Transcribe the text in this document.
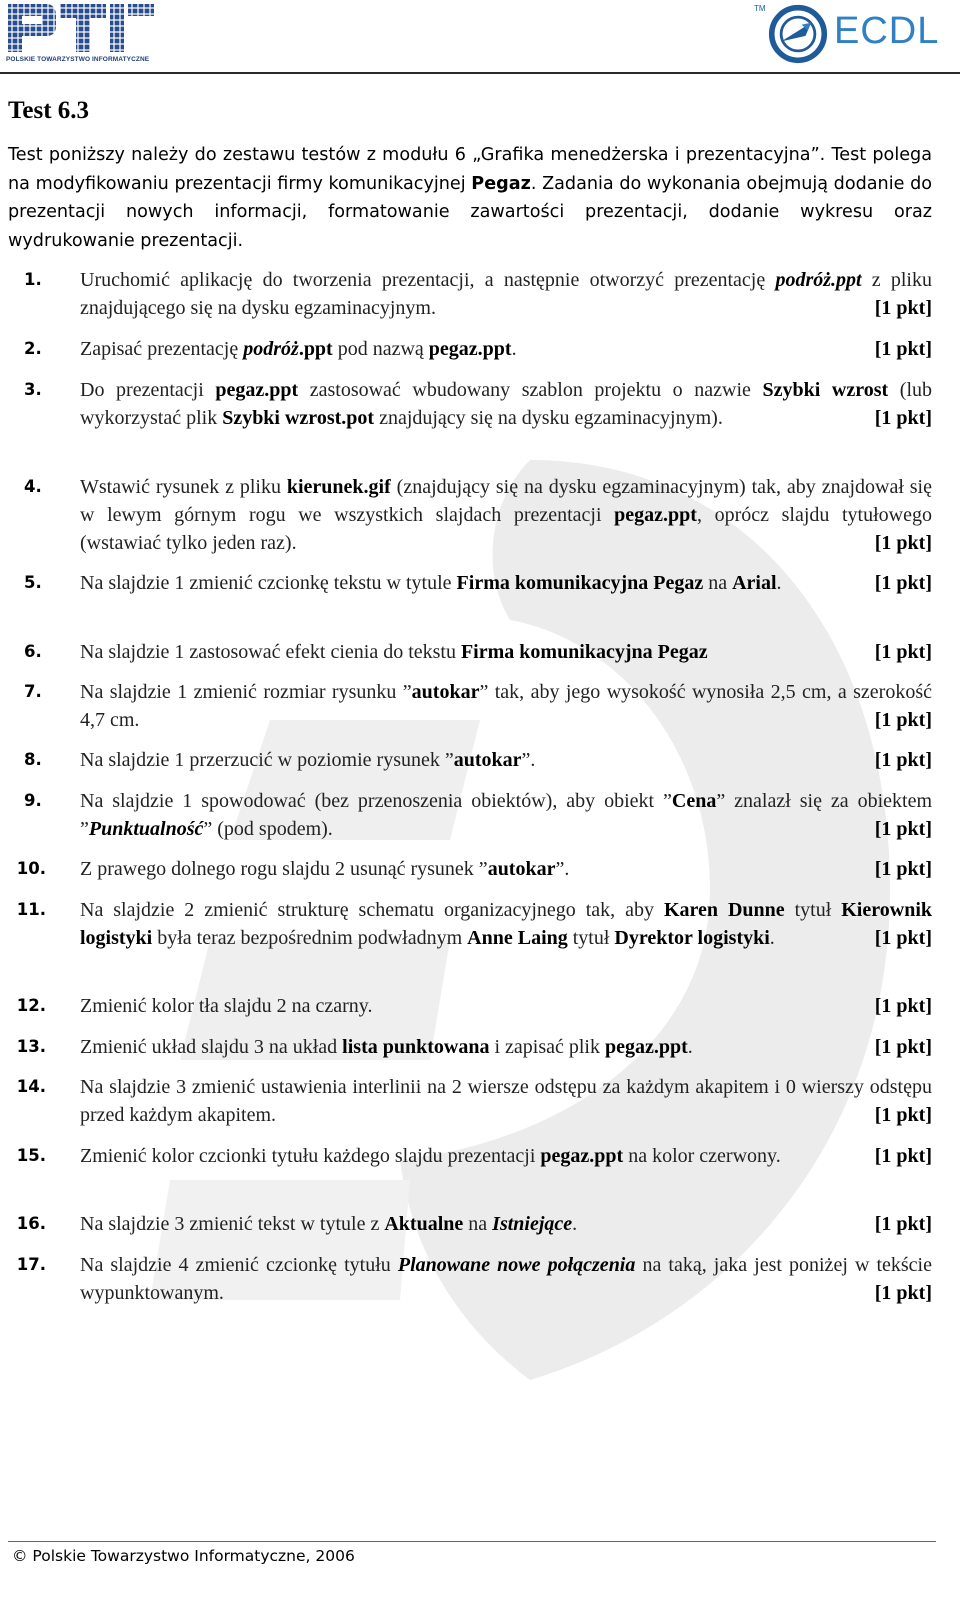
POLSKIE TOWARZYSTWO INFORMATYCZNE
TM
ECDL
Test 6.3
Test poniższy należy do zestawu testów z modułu 6 „Grafika menedżerska i prezentacyjna”. Test polega na modyfikowaniu prezentacji firmy komunikacyjnej Pegaz. Zadania do wykonania obejmują dodanie do prezentacji nowych informacji, formatowanie zawartości prezentacji, dodanie wykresu oraz wydrukowanie prezentacji.
1. Uruchomić aplikację do tworzenia prezentacji, a następnie otworzyć prezentację podróż.ppt z pliku znajdującego się na dysku egzaminacyjnym.	[1 pkt]
2. Zapisać prezentację podróż.ppt pod nazwą pegaz.ppt.	[1 pkt]
3. Do prezentacji pegaz.ppt zastosować wbudowany szablon projektu o nazwie Szybki wzrost (lub wykorzystać plik Szybki wzrost.pot znajdujący się na dysku egzaminacyjnym).	[1 pkt]
4. Wstawić rysunek z pliku kierunek.gif (znajdujący się na dysku egzaminacyjnym) tak, aby znajdował się w lewym górnym rogu we wszystkich slajdach prezentacji pegaz.ppt, oprócz slajdu tytułowego (wstawiać tylko jeden raz).	[1 pkt]
5. Na slajdzie 1 zmienić czcionkę tekstu w tytule Firma komunikacyjna Pegaz na Arial.	[1 pkt]
6. Na slajdzie 1 zastosować efekt cienia do tekstu Firma komunikacyjna Pegaz	[1 pkt]
7. Na slajdzie 1 zmienić rozmiar rysunku ”autokar” tak, aby jego wysokość wynosiła 2,5 cm, a szerokość 4,7 cm.	[1 pkt]
8. Na slajdzie 1 przerzucić w poziomie rysunek ”autokar”.	[1 pkt]
9. Na slajdzie 1 spowodować (bez przenoszenia obiektów), aby obiekt ”Cena” znalazł się za obiektem ”Punktualność” (pod spodem).	[1 pkt]
10. Z prawego dolnego rogu slajdu 2 usunąć rysunek ”autokar”.	[1 pkt]
11. Na slajdzie 2 zmienić strukturę schematu organizacyjnego tak, aby Karen Dunne tytuł Kierownik logistyki była teraz bezpośrednim podwładnym Anne Laing tytuł Dyrektor logistyki.	[1 pkt]
12. Zmienić kolor tła slajdu 2 na czarny.	[1 pkt]
13. Zmienić układ slajdu 3 na układ lista punktowana i zapisać plik pegaz.ppt.	[1 pkt]
14. Na slajdzie 3 zmienić ustawienia interlinii na 2 wiersze odstępu za każdym akapitem i 0 wierszy odstępu przed każdym akapitem.	[1 pkt]
15. Zmienić kolor czcionki tytułu każdego slajdu prezentacji pegaz.ppt na kolor czerwony.	[1 pkt]
16. Na slajdzie 3 zmienić tekst w tytule z Aktualne na Istniejące.	[1 pkt]
17. Na slajdzie 4 zmienić czcionkę tytułu Planowane nowe połączenia na taką, jaka jest poniżej w tekście wypunktowanym.	[1 pkt]
© Polskie Towarzystwo Informatyczne, 2006
